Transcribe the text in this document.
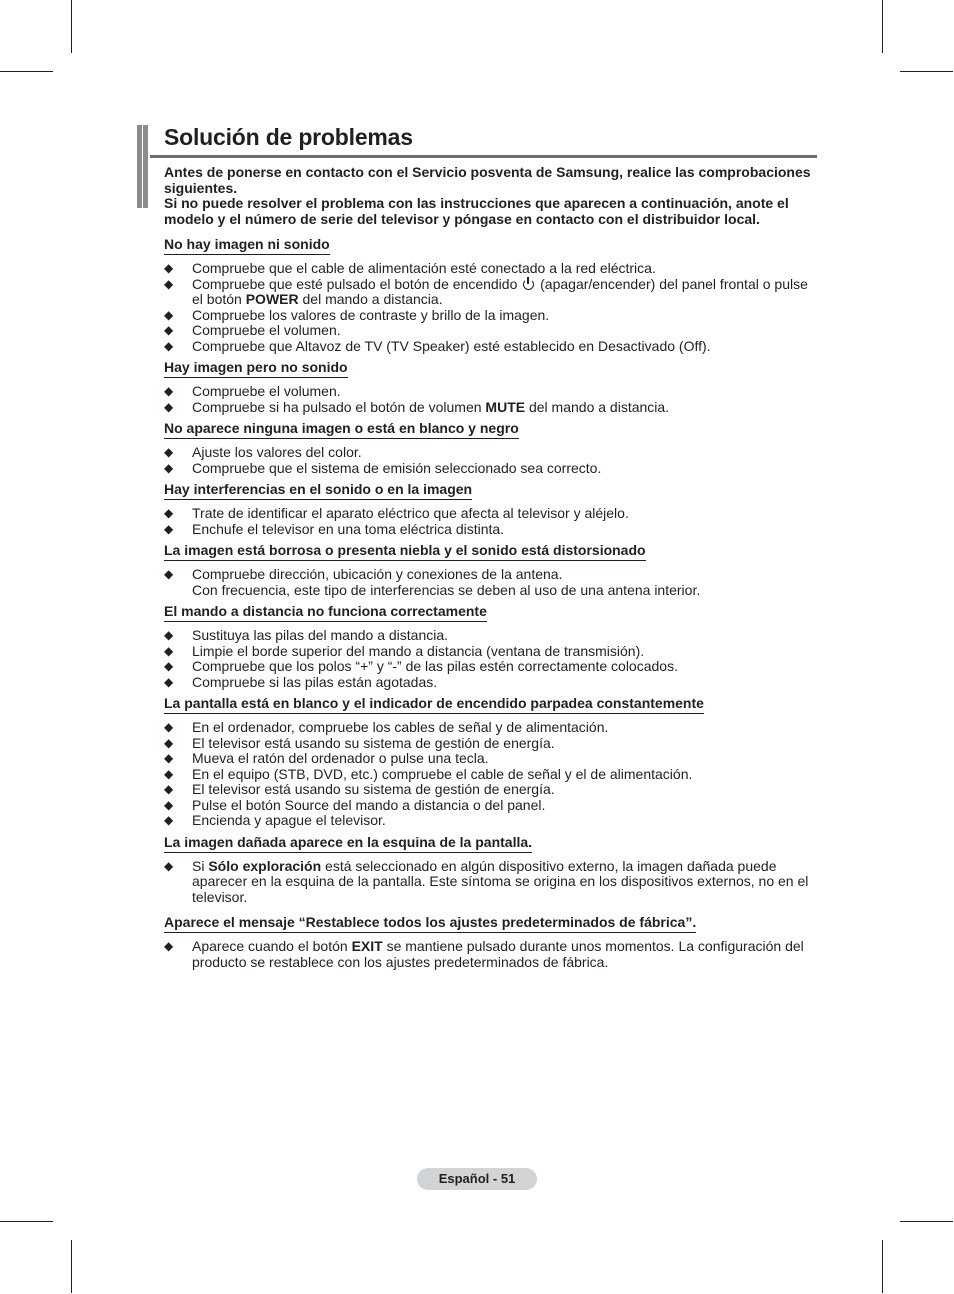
Solución de problemas

Antes de ponerse en contacto con el Servicio posventa de Samsung, realice las comprobaciones siguientes.

Si no puede resolver el problema con las instrucciones que aparecen a continuación, anote el modelo y el número de serie del televisor y póngase en contacto con el distribuidor local.

No hay imagen ni sonido
◆ Compruebe que el cable de alimentación esté conectado a la red eléctrica.
◆ Compruebe que esté pulsado el botón de encendido (apagar/encender) del panel frontal o pulse el botón POWER del mando a distancia.
◆ Compruebe los valores de contraste y brillo de la imagen.
◆ Compruebe el volumen.
◆ Compruebe que Altavoz de TV (TV Speaker) esté establecido en Desactivado (Off).
Hay imagen pero no sonido
◆ Compruebe el volumen.
◆ Compruebe si ha pulsado el botón de volumen MUTE del mando a distancia.
No aparece ninguna imagen o está en blanco y negro
◆ Ajuste los valores del color.
◆ Compruebe que el sistema de emisión seleccionado sea correcto.
Hay interferencias en el sonido o en la imagen
◆ Trate de identificar el aparato eléctrico que afecta al televisor y aléjelo.
◆ Enchufe el televisor en una toma eléctrica distinta.
La imagen está borrosa o presenta niebla y el sonido está distorsionado
◆ Compruebe dirección, ubicación y conexiones de la antena.
Con frecuencia, este tipo de interferencias se deben al uso de una antena interior.
El mando a distancia no funciona correctamente
◆ Sustituya las pilas del mando a distancia.
◆ Limpie el borde superior del mando a distancia (ventana de transmisión).
◆ Compruebe que los polos “+” y “-” de las pilas estén correctamente colocados.
◆ Compruebe si las pilas están agotadas.
La pantalla está en blanco y el indicador de encendido parpadea constantemente
◆ En el ordenador, compruebe los cables de señal y de alimentación.
◆ El televisor está usando su sistema de gestión de energía.
◆ Mueva el ratón del ordenador o pulse una tecla.
◆ En el equipo (STB, DVD, etc.) compruebe el cable de señal y el de alimentación.
◆ El televisor está usando su sistema de gestión de energía.
◆ Pulse el botón Source del mando a distancia o del panel.
◆ Encienda y apague el televisor.
La imagen dañada aparece en la esquina de la pantalla.
◆ Si Sólo exploración está seleccionado en algún dispositivo externo, la imagen dañada puede aparecer en la esquina de la pantalla. Este síntoma se origina en los dispositivos externos, no en el televisor.
Aparece el mensaje “Restablece todos los ajustes predeterminados de fábrica”.
◆ Aparece cuando el botón EXIT se mantiene pulsado durante unos momentos. La configuración del producto se restablece con los ajustes predeterminados de fábrica.
Español - 51
